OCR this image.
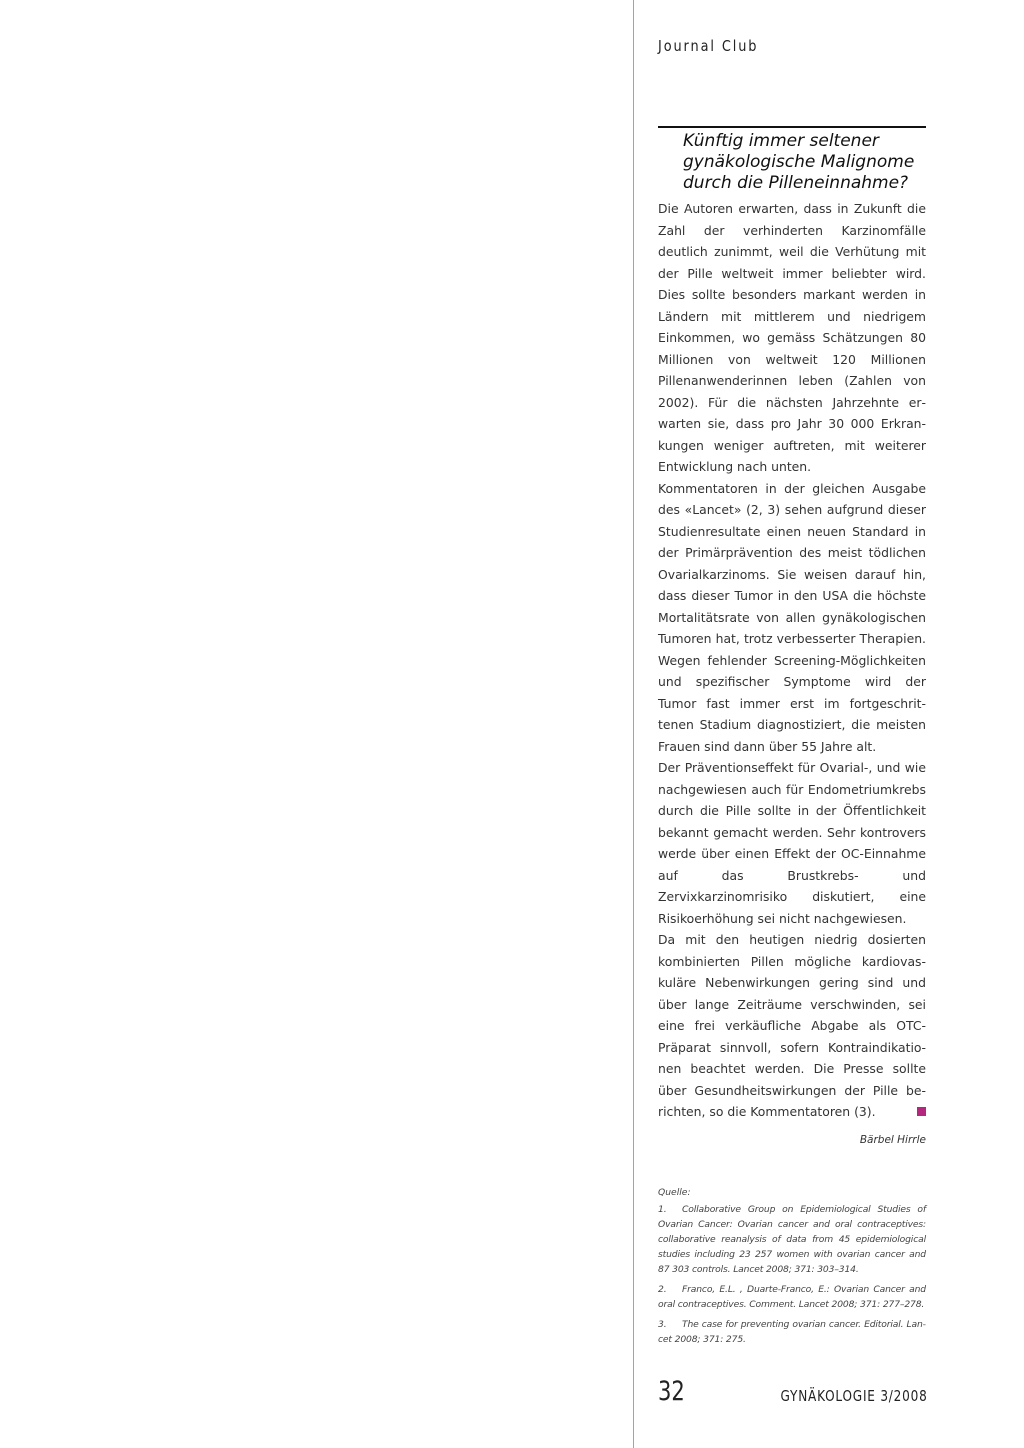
Journal Club
Künftig immer seltener
gynäkologische Malignome
durch die Pilleneinnahme?

Die Autoren erwarten, dass in Zukunft die Zahl der verhinderten Karzinomfälle deutlich zunimmt, weil die Verhütung mit der Pille weltweit immer beliebter wird. Dies sollte besonders markant werden in Ländern mit mittlerem und niedrigem Einkommen, wo gemäss Schätzungen 80 Millionen von weltweit 120 Millionen Pillenanwenderinnen leben (Zahlen von 2002). Für die nächsten Jahrzehnte erwarten sie, dass pro Jahr 30 000 Erkrankungen weniger auftreten, mit weiterer Entwicklung nach unten.

Kommentatoren in der gleichen Ausgabe des «Lancet» (2, 3) sehen aufgrund dieser Studienresultate einen neuen Standard in der Primärprävention des meist tödlichen Ovarialkarzinoms. Sie weisen darauf hin, dass dieser Tumor in den USA die höchste Mortalitätsrate von allen gynäkologischen Tumoren hat, trotz verbesserter Therapien. Wegen fehlender Screening-Möglichkeiten und spezifischer Symptome wird der Tumor fast immer erst im fortgeschrittenen Stadium diagnostiziert, die meisten Frauen sind dann über 55 Jahre alt.

Der Präventionseffekt für Ovarial-, und wie nachgewiesen auch für Endometriumkrebs durch die Pille sollte in der Öffentlichkeit bekannt gemacht werden. Sehr kontrovers werde über einen Effekt der OC-Einnahme auf das Brustkrebs- und Zervixkarzinomrisiko diskutiert, eine Risikoerhöhung sei nicht nachgewiesen.

Da mit den heutigen niedrig dosierten kombinierten Pillen mögliche kardiovaskuläre Nebenwirkungen gering sind und über lange Zeiträume verschwinden, sei eine frei verkäufliche Abgabe als OTC-Präparat sinnvoll, sofern Kontraindikationen beachtet werden. Die Presse sollte über Gesundheitswirkungen der Pille berichten, so die Kommentatoren (3).

Bärbel Hirrle

Quelle:

1. Collaborative Group on Epidemiological Studies of Ovarian Cancer: Ovarian cancer and oral contraceptives: collaborative reanalysis of data from 45 epidemiological studies including 23 257 women with ovarian cancer and 87 303 controls. Lancet 2008; 371: 303–314.

2. Franco, E.L. , Duarte-Franco, E.: Ovarian Cancer and oral contraceptives. Comment. Lancet 2008; 371: 277–278.

3. The case for preventing ovarian cancer. Editorial. Lancet 2008; 371: 275.

32	GYNÄKOLOGIE 3/2008
